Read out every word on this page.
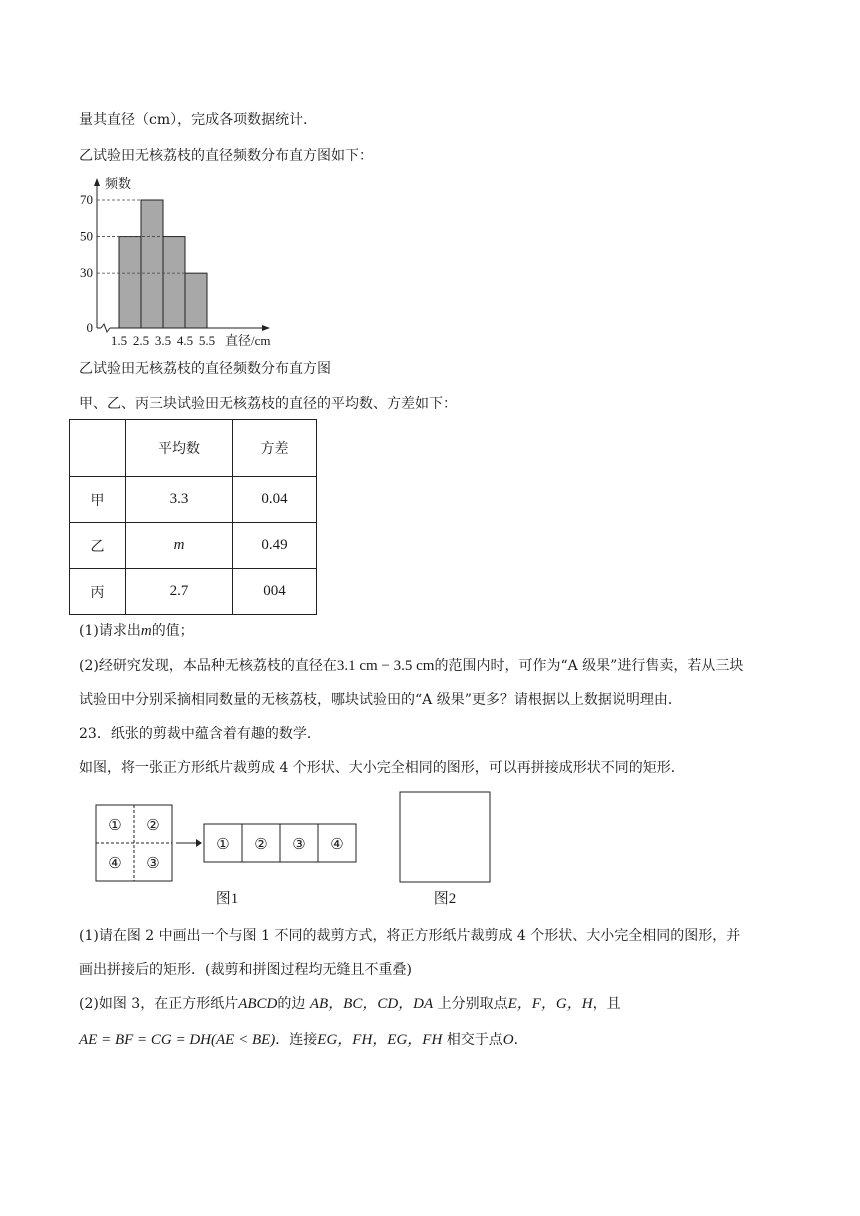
量其直径（cm），完成各项数据统计．
乙试验田无核荔枝的直径频数分布直方图如下：
30
50
70
0
1.5 2.5 3.5 4.5 5.5
频数
直径/cm
乙试验田无核荔枝的直径频数分布直方图
甲、乙、丙三块试验田无核荔枝的直径的平均数、方差如下：
	平均数	方差
甲	3.3	0.04
乙	m	0.49
丙	2.7	004
(1)请求出m的值；
(2)经研究发现，本品种无核荔枝的直径在3.1 cm − 3.5 cm的范围内时，可作为“A 级果”进行售卖，若从三块
试验田中分别采摘相同数量的无核荔枝，哪块试验田的“A 级果”更多？请根据以上数据说明理由．
23．纸张的剪裁中蕴含着有趣的数学．
如图，将一张正方形纸片裁剪成 4 个形状、大小完全相同的图形，可以再拼接成形状不同的矩形．
① ②
④ ③
① ② ③ ④
图1	图2
(1)请在图 2 中画出一个与图 1 不同的裁剪方式，将正方形纸片裁剪成 4 个形状、大小完全相同的图形，并
画出拼接后的矩形．(裁剪和拼图过程均无缝且不重叠)
(2)如图 3，在正方形纸片ABCD的边 AB，BC，CD，DA 上分别取点E，F，G，H，且
AE = BF = CG = DH(AE < BE)．连接EG，FH，EG，FH 相交于点O．
